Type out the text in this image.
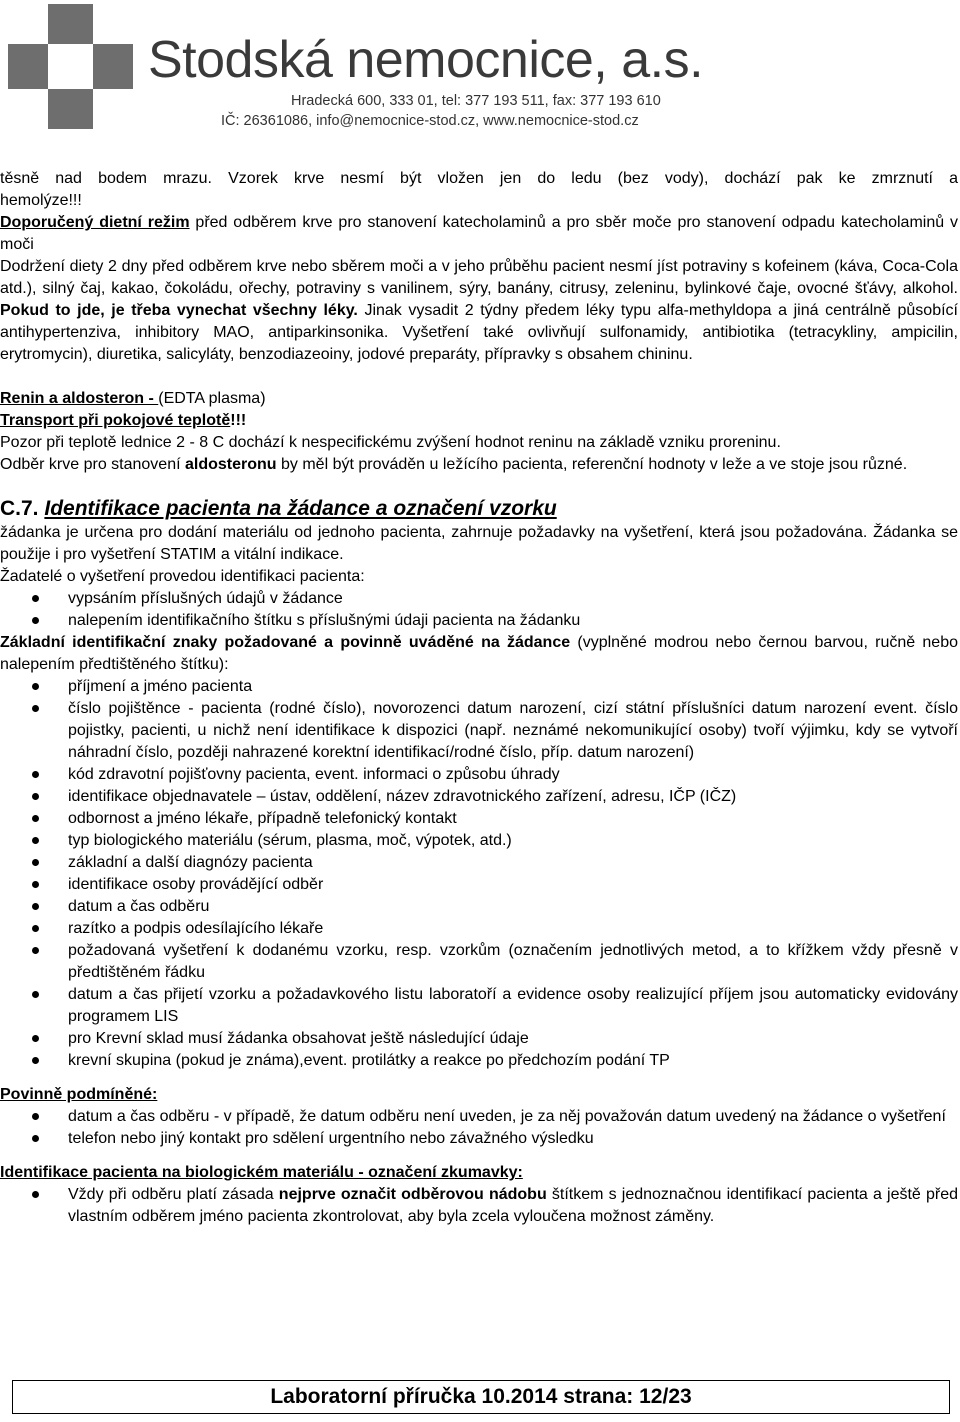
Stodská nemocnice, a.s.
Hradecká 600, 333 01, tel: 377 193 511, fax: 377 193 610
IČ: 26361086, info@nemocnice-stod.cz, www.nemocnice-stod.cz
těsně nad bodem mrazu. Vzorek krve nesmí být vložen jen do ledu (bez vody), dochází pak ke zmrznutí a
hemolýze!!!
Doporučený dietní režim před odběrem krve pro stanovení katecholaminů a pro sběr moče pro stanovení odpadu katecholaminů v moči
Dodržení diety 2 dny před odběrem krve nebo sběrem moči a v jeho průběhu pacient nesmí jíst potraviny s kofeinem (káva, Coca-Cola atd.), silný čaj, kakao, čokoládu, ořechy, potraviny s vanilinem, sýry, banány, citrusy, zeleninu, bylinkové čaje, ovocné šťávy, alkohol. Pokud to jde, je třeba vynechat všechny léky. Jinak vysadit 2 týdny předem léky typu alfa-methyldopa a jiná centrálně působící antihypertenziva, inhibitory MAO, antiparkinsonika. Vyšetření také ovlivňují sulfonamidy, antibiotika (tetracykliny, ampicilin, erytromycin), diuretika, salicyláty, benzodiazeoiny, jodové preparáty, přípravky s obsahem chininu.
Renin a aldosteron - (EDTA plasma)
Transport při pokojové teplotě!!!
Pozor při teplotě lednice 2 - 8 C dochází k nespecifickému zvýšení hodnot reninu na základě vzniku proreninu.
Odběr krve pro stanovení aldosteronu by měl být prováděn u ležícího pacienta, referenční hodnoty v leže a ve stoje jsou různé.
C.7. Identifikace pacienta na žádance a označení vzorku
žádanka je určena pro dodání materiálu od jednoho pacienta, zahrnuje požadavky na vyšetření, která jsou požadována. Žádanka se použije i pro vyšetření STATIM a vitální indikace.
Žadatelé o vyšetření provedou identifikaci pacienta:
vypsáním příslušných údajů v žádance
nalepením identifikačního štítku s příslušnými údaji pacienta na žádanku
Základní identifikační znaky požadované a povinně uváděné na žádance (vyplněné modrou nebo černou barvou, ručně nebo nalepením předtištěného štítku):
příjmení a jméno pacienta
číslo pojištěnce - pacienta (rodné číslo), novorozenci datum narození, cizí státní příslušníci datum narození event. číslo pojistky, pacienti, u nichž není identifikace k dispozici (např. neznámé nekomunikující osoby) tvoří výjimku, kdy se vytvoří náhradní číslo, později nahrazené korektní identifikací/rodné číslo, příp. datum narození)
kód zdravotní pojišťovny pacienta, event. informaci o způsobu úhrady
identifikace objednavatele – ústav, oddělení, název zdravotnického zařízení, adresu, IČP (IČZ)
odbornost a jméno lékaře, případně telefonický kontakt
typ biologického materiálu (sérum, plasma, moč, výpotek, atd.)
základní a další diagnózy pacienta
identifikace osoby provádějící odběr
datum a čas odběru
razítko a podpis odesílajícího lékaře
požadovaná vyšetření k dodanému vzorku, resp. vzorkům (označením jednotlivých metod, a to křížkem vždy přesně v předtištěném řádku
datum a čas přijetí vzorku a požadavkového listu laboratoří a evidence osoby realizující příjem jsou automaticky evidovány programem LIS
pro Krevní sklad musí žádanka obsahovat ještě následující údaje
krevní skupina (pokud je známa),event. protilátky a reakce po předchozím podání TP
Povinně podmíněné:
datum a čas odběru - v případě, že datum odběru není uveden, je za něj považován datum uvedený na žádance o vyšetření
telefon nebo jiný kontakt pro sdělení urgentního nebo závažného výsledku
Identifikace pacienta na biologickém materiálu - označení zkumavky:
Vždy při odběru platí zásada nejprve označit odběrovou nádobu štítkem s jednoznačnou identifikací pacienta a ještě před vlastním odběrem jméno pacienta zkontrolovat, aby byla zcela vyloučena možnost záměny.
Laboratorní příručka 10.2014 strana: 12/23
